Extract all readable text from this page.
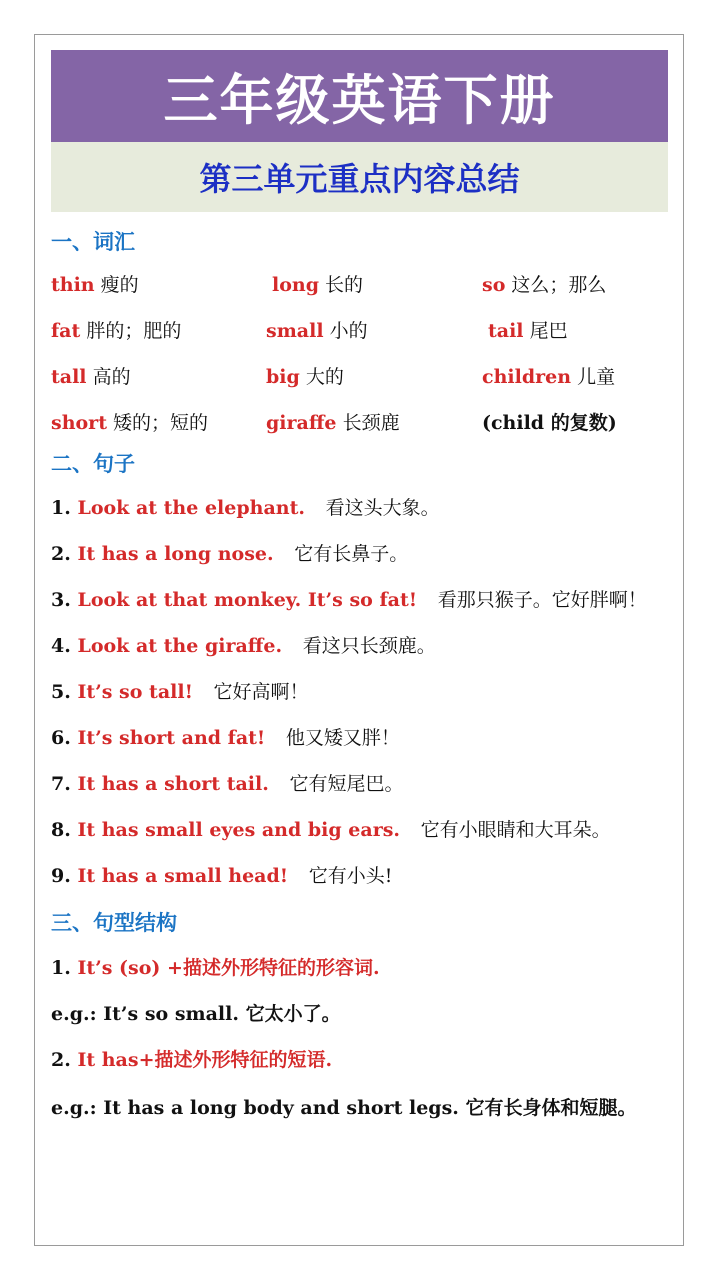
三年级英语下册
第三单元重点内容总结
一、词汇
thin 瘦的	long 长的	so 这么；那么
fat 胖的；肥的	small 小的	tail 尾巴
tall 高的	big 大的	children 儿童
short 矮的；短的	giraffe 长颈鹿	(child 的复数)
二、句子
1. Look at the elephant. 看这头大象。
2. It has a long nose. 它有长鼻子。
3. Look at that monkey. It’s so fat! 看那只猴子。它好胖啊！
4. Look at the giraffe. 看这只长颈鹿。
5. It’s so tall! 它好高啊！
6. It’s short and fat! 他又矮又胖！
7. It has a short tail. 它有短尾巴。
8. It has small eyes and big ears. 它有小眼睛和大耳朵。
9. It has a small head! 它有小头!
三、句型结构
1. It’s (so) +描述外形特征的形容词.
e.g.: It’s so small. 它太小了。
2. It has+描述外形特征的短语.
e.g.: It has a long body and short legs. 它有长身体和短腿。
